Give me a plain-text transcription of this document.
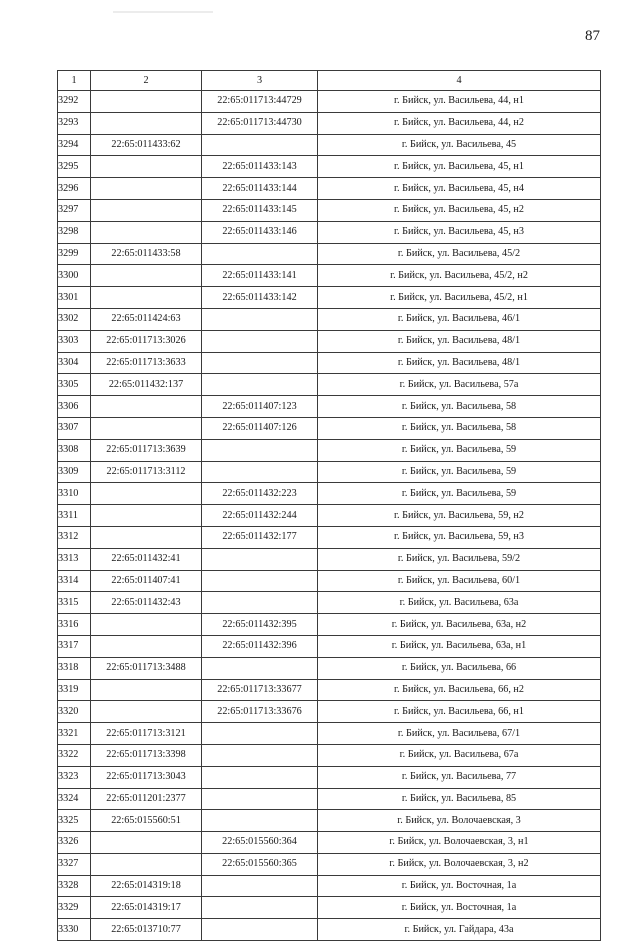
87
1	2	3	4
3292		22:65:011713:44729	г. Бийск, ул. Васильева, 44, н1
3293		22:65:011713:44730	г. Бийск, ул. Васильева, 44, н2
3294	22:65:011433:62		г. Бийск, ул. Васильева, 45
3295		22:65:011433:143	г. Бийск, ул. Васильева, 45, н1
3296		22:65:011433:144	г. Бийск, ул. Васильева, 45, н4
3297		22:65:011433:145	г. Бийск, ул. Васильева, 45, н2
3298		22:65:011433:146	г. Бийск, ул. Васильева, 45, н3
3299	22:65:011433:58		г. Бийск, ул. Васильева, 45/2
3300		22:65:011433:141	г. Бийск, ул. Васильева, 45/2, н2
3301		22:65:011433:142	г. Бийск, ул. Васильева, 45/2, н1
3302	22:65:011424:63		г. Бийск, ул. Васильева, 46/1
3303	22:65:011713:3026		г. Бийск, ул. Васильева, 48/1
3304	22:65:011713:3633		г. Бийск, ул. Васильева, 48/1
3305	22:65:011432:137		г. Бийск, ул. Васильева, 57а
3306		22:65:011407:123	г. Бийск, ул. Васильева, 58
3307		22:65:011407:126	г. Бийск, ул. Васильева, 58
3308	22:65:011713:3639		г. Бийск, ул. Васильева, 59
3309	22:65:011713:3112		г. Бийск, ул. Васильева, 59
3310		22:65:011432:223	г. Бийск, ул. Васильева, 59
3311		22:65:011432:244	г. Бийск, ул. Васильева, 59, н2
3312		22:65:011432:177	г. Бийск, ул. Васильева, 59, н3
3313	22:65:011432:41		г. Бийск, ул. Васильева, 59/2
3314	22:65:011407:41		г. Бийск, ул. Васильева, 60/1
3315	22:65:011432:43		г. Бийск, ул. Васильева, 63а
3316		22:65:011432:395	г. Бийск, ул. Васильева, 63а, н2
3317		22:65:011432:396	г. Бийск, ул. Васильева, 63а, н1
3318	22:65:011713:3488		г. Бийск, ул. Васильева, 66
3319		22:65:011713:33677	г. Бийск, ул. Васильева, 66, н2
3320		22:65:011713:33676	г. Бийск, ул. Васильева, 66, н1
3321	22:65:011713:3121		г. Бийск, ул. Васильева, 67/1
3322	22:65:011713:3398		г. Бийск, ул. Васильева, 67а
3323	22:65:011713:3043		г. Бийск, ул. Васильева, 77
3324	22:65:011201:2377		г. Бийск, ул. Васильева, 85
3325	22:65:015560:51		г. Бийск, ул. Волочаевская, 3
3326		22:65:015560:364	г. Бийск, ул. Волочаевская, 3, н1
3327		22:65:015560:365	г. Бийск, ул. Волочаевская, 3, н2
3328	22:65:014319:18		г. Бийск, ул. Восточная, 1а
3329	22:65:014319:17		г. Бийск, ул. Восточная, 1а
3330	22:65:013710:77		г. Бийск, ул. Гайдара, 43а
